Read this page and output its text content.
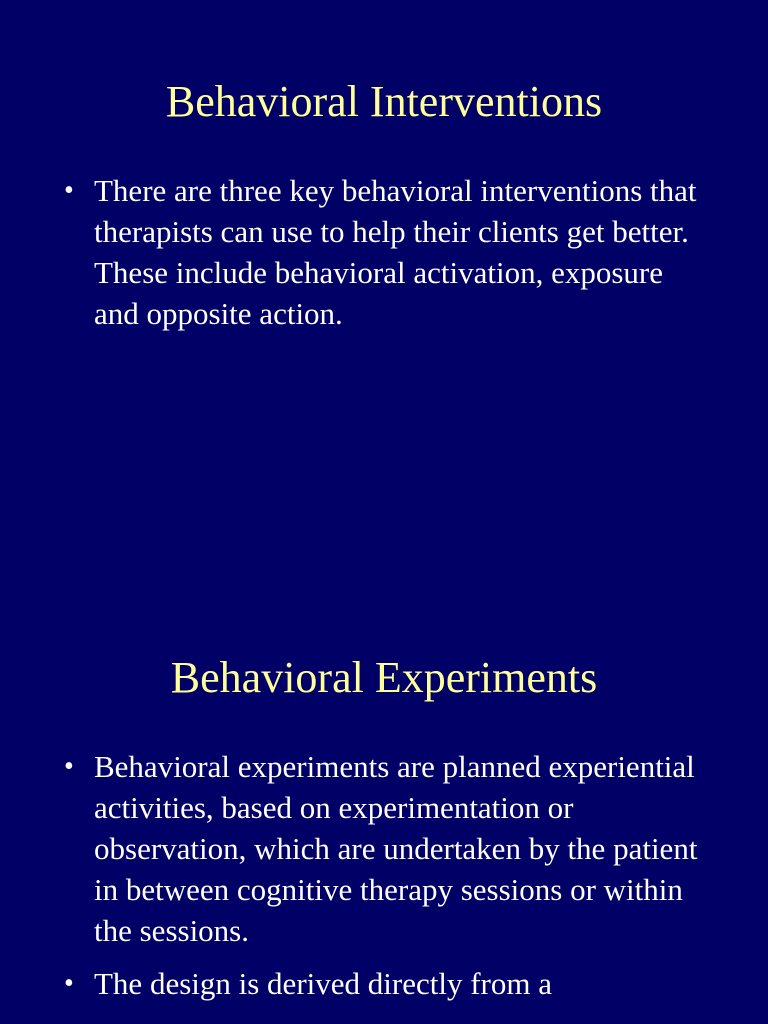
Behavioral Interventions
• There are three key behavioral interventions that therapists can use to help their clients get better. These include behavioral activation, exposure and opposite action.
Behavioral Experiments
• Behavioral experiments are planned experiential activities, based on experimentation or observation, which are undertaken by the patient in between cognitive therapy sessions or within the sessions.
• The design is derived directly from a
